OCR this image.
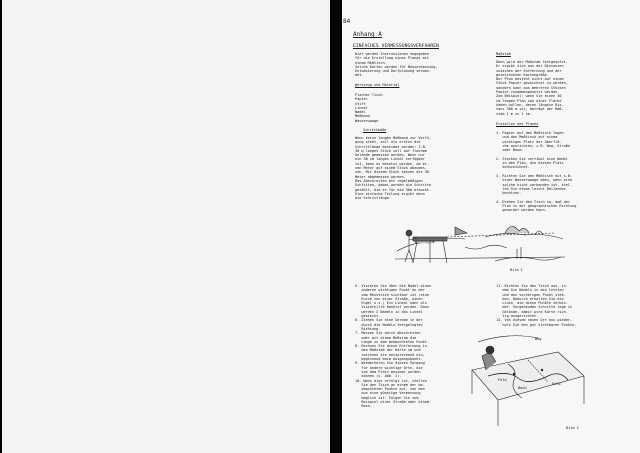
84
Anhang A
EINFACHES VERMESSUNGSVERFAHREN
Hier werden Instruktionen angegeben
für die Erstellung eines Planes mit
einem Meßtisch.
Solche Karten werden für Neuvermessung,
Entwässerung und Dorfplanung verwen-
det.
Werkzeug und Material
Flacher Tisch
Papier
Stift
Lineal
Nadel
Meßband
Wasserwaage
Schrittmaße
Wenn keine langes Meßband zur Verfü-
gung steht, soll als erstes die
Schrittlänge bestimmt werden: Z.B.
30 m langes Stück soll auf flachem
Gelände gemessen werden. Wenn nur
ein 30 cm langes Lineal verfügbar
ist, kann es benutzt werden, um ei-
nen Meter auf einem Stück abzumes-
sen. Mit diesem Stück können die 30
Meter abgemessen werden.
Das Abschreiten mit regelmäßigen
Schritten, dabei werden die Schritte
gezählt, die er für die 30m braucht.
Eine einfache Teilung ergibt dann
die Schrittlänge.
Maßstab
Dann wird der Maßstab festgesetzt.
Er ergibt sich aus der Distanzen
zwischen der Entfernung und der
gezeichneten Kartengröße.
Der Plan besteht nicht auf einem
Stück Papier gezeichnet zu werden,
sondern kann aus mehreren Stücken
Papier zusammengesetzt werden.
Zum Beispiel: wenn Sie einen 30
cm langen Plan von einer Fläche
haben wollen, deren längste Dis-
tanz 300 m ist, beträgt der Maß-
stab 1 m zu 1 cm.
Erstellen des Planes
1. Papier auf den Meßtisch legen
und den Meßtisch auf einem
wichtigen Platz der Oberflä-
che ausrichten; z.B. Weg, Straße
oder Baum.

2. Stecken Sie vertikal eine Nadel
in den Plan, die diesen Platz
kennzeichnet.

3. Richten Sie den Meßtisch mit s.B.
einer Wasserwaage eben, wenn eine
solche nicht vorhanden ist, stel-
len Sie etwas leicht Rollendes
benützen.

4. Drehen Sie den Tisch so, daß der
Plan in der geographischen Richtung
genordet werden kann.
Bild 1
5. Visieren Sie über die Nadel einen
anderen wichtigen Punkt an der
vom Messtisch sichtbar ist (eine
Kurve von einer Straße, einen
Engel u.s.) Ein Lineal kann als
Visierhilfe benützt werden. Dann
werden 2 Nadeln in das Lineal
gesteckt.
6. Ziehen Sie eine Gerade in der
durch die Nadeln festgelegten
Richtung.
7. Messen Sie durch Abschreiten
oder mit einem Meßstab die
Länge zu dem beobachteten Punkt.
8. Rechnen Sie diese Entfernung in
den Maßstab der Karte um und
zeichnen sie entsprechend ein,
beginnend beim Ausgangspunkt.
9. Wiederholen Sie diesen Vorgang
für andere wichtige Orte, die
von dem Platz messbar werden
können (s. Abb. 2).
10. Wenn dies erfolgt ist, stellen
Sie den Tisch an einem der be-
obachteten Punkte auf, von den
aus eine günstige Vermessung
möglich ist. Folgen Sie zum
Beispiel einer Straße oder einem
Bach.
11. Richten Sie den Tisch aus, in-
dem Sie Nadeln in den letzten
und den vorherigen Punkt stek-
ken. Dadurch erhalten Sie die
Linie, die diese Punkte verbin-
det. Vorgehenden Schritte lege in
Gelände, damit wird Karte rich-
tig ausgerichtet.
12. Von diesem neuen Ort aus wieder-
hole Sie den gut sichtbaren Punkte.
Weg
Feld
Bach
Feld
Bild 2
